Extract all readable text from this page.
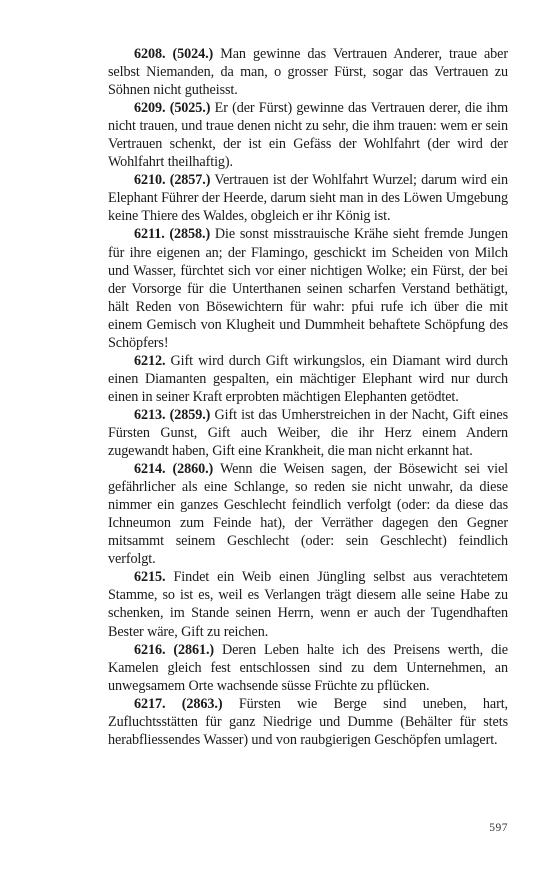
6208. (5024.) Man gewinne das Vertrauen Anderer, traue aber selbst Niemanden, da man, o grosser Fürst, sogar das Vertrauen zu Söhnen nicht gutheisst.

6209. (5025.) Er (der Fürst) gewinne das Vertrauen derer, die ihm nicht trauen, und traue denen nicht zu sehr, die ihm trauen: wem er sein Vertrauen schenkt, der ist ein Gefäss der Wohlfahrt (der wird der Wohlfahrt theilhaftig).

6210. (2857.) Vertrauen ist der Wohlfahrt Wurzel; darum wird ein Elephant Führer der Heerde, darum sieht man in des Löwen Umgebung keine Thiere des Waldes, obgleich er ihr König ist.

6211. (2858.) Die sonst misstrauische Krähe sieht fremde Jungen für ihre eigenen an; der Flamingo, geschickt im Scheiden von Milch und Wasser, fürchtet sich vor einer nichtigen Wolke; ein Fürst, der bei der Vorsorge für die Unterthanen seinen scharfen Verstand bethätigt, hält Reden von Bösewichtern für wahr: pfui rufe ich über die mit einem Gemisch von Klugheit und Dummheit behaftete Schöpfung des Schöpfers!

6212. Gift wird durch Gift wirkungslos, ein Diamant wird durch einen Diamanten gespalten, ein mächtiger Elephant wird nur durch einen in seiner Kraft erprobten mächtigen Elephanten getödtet.

6213. (2859.) Gift ist das Umherstreichen in der Nacht, Gift eines Fürsten Gunst, Gift auch Weiber, die ihr Herz einem Andern zugewandt haben, Gift eine Krankheit, die man nicht erkannt hat.

6214. (2860.) Wenn die Weisen sagen, der Bösewicht sei viel gefährlicher als eine Schlange, so reden sie nicht unwahr, da diese nimmer ein ganzes Geschlecht feindlich verfolgt (oder: da diese das Ichneumon zum Feinde hat), der Verräther dagegen den Gegner mitsammt seinem Geschlecht (oder: sein Geschlecht) feindlich verfolgt.

6215. Findet ein Weib einen Jüngling selbst aus verachtetem Stamme, so ist es, weil es Verlangen trägt diesem alle seine Habe zu schenken, im Stande seinen Herrn, wenn er auch der Tugendhaften Bester wäre, Gift zu reichen.

6216. (2861.) Deren Leben halte ich des Preisens werth, die Kamelen gleich fest entschlossen sind zu dem Unternehmen, an unwegsamem Orte wachsende süsse Früchte zu pflücken.

6217. (2863.) Fürsten wie Berge sind uneben, hart, Zufluchtsstätten für ganz Niedrige und Dumme (Behälter für stets herabfliessendes Wasser) und von raubgierigen Geschöpfen umlagert.

597
